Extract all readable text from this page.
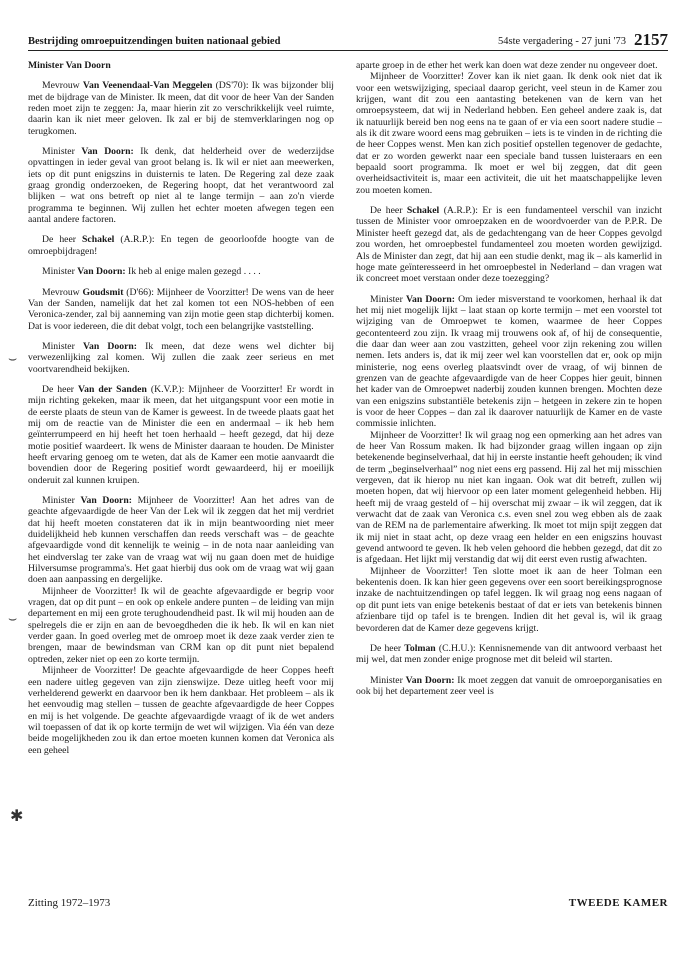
Bestrijding omroepuitzendingen buiten nationaal gebied	54ste vergadering - 27 juni '73 2157

Minister Van Doorn

Mevrouw Van Veenendaal-Van Meggelen (DS'70): Ik was bijzonder blij met de bijdrage van de Minister. Ik meen, dat dit voor de heer Van der Sanden reden moet zijn te zeggen: Ja, maar hierin zit zo verschrikkelijk veel ruimte, daarin kan ik niet meer geloven. Ik zal er bij de stemverklaringen nog op terugkomen.

Minister Van Doorn: Ik denk, dat helderheid over de wederzijdse opvattingen in ieder geval van groot belang is. Ik wil er niet aan meewerken, iets op dit punt enigszins in duisternis te laten. De Regering zal deze zaak graag grondig onderzoeken, de Regering hoopt, dat het verantwoord zal blijken – wat ons betreft op niet al te lange termijn – aan zo'n vierde programma te beginnen. Wij zullen het echter moeten afwegen tegen een aantal andere factoren.

De heer Schakel (A.R.P.): En tegen de geoorloofde hoogte van de omroepbijdragen!

Minister Van Doorn: Ik heb al enige malen gezegd . . . .

Mevrouw Goudsmit (D'66): Mijnheer de Voorzitter! De wens van de heer Van der Sanden, namelijk dat het zal komen tot een NOS-hebben of een Veronica-zender, zal bij aanneming van zijn motie geen stap dichterbij komen. Dat is voor iedereen, die dit debat volgt, toch een belangrijke vaststelling.

Minister Van Doorn: Ik meen, dat deze wens wel dichter bij verwezenlijking zal komen. Wij zullen die zaak zeer serieus en met voortvarendheid bekijken.

De heer Van der Sanden (K.V.P.): Mijnheer de Voorzitter! Er wordt in mijn richting gekeken, maar ik meen, dat het uitgangspunt voor een motie in de eerste plaats de steun van de Kamer is geweest. In de tweede plaats gaat het mij om de reactie van de Minister die een en andermaal – ik heb hem geïnterrumpeerd en hij heeft het toen herhaald – heeft gezegd, dat hij deze motie positief waardeert. Ik wens de Minister daaraan te houden. De Minister heeft ervaring genoeg om te weten, dat als de Kamer een motie aanvaardt die bovendien door de Regering positief wordt gewaardeerd, hij er moeilijk onderuit zal kunnen kruipen.

Minister Van Doorn: Mijnheer de Voorzitter! Aan het adres van de geachte afgevaardigde de heer Van der Lek wil ik zeggen dat het mij verdriet dat hij heeft moeten constateren dat ik in mijn beantwoording niet meer duidelijkheid heb kunnen verschaffen dan reeds verschaft was – de geachte afgevaardigde vond dit kennelijk te weinig – in de nota naar aanleiding van het eindverslag ter zake van de vraag wat wij nu gaan doen met de huidige Hilversumse programma's. Het gaat hierbij dus ook om de vraag wat wij gaan doen aan aanpassing en dergelijke.

Mijnheer de Voorzitter! Ik wil de geachte afgevaardigde er begrip voor vragen, dat op dit punt – en ook op enkele andere punten – de leiding van mijn departement en mij een grote terughoudendheid past. Ik wil mij houden aan de spelregels die er zijn en aan de bevoegdheden die ik heb. Ik wil en kan niet verder gaan. In goed overleg met de omroep moet ik deze zaak verder zien te brengen, maar de bewindsman van CRM kan op dit punt niet bepalend optreden, zeker niet op een zo korte termijn.

Mijnheer de Voorzitter! De geachte afgevaardigde de heer Coppes heeft een nadere uitleg gegeven van zijn zienswijze. Deze uitleg heeft voor mij verhelderend gewerkt en daarvoor ben ik hem dankbaar. Het probleem – als ik het eenvoudig mag stellen – tussen de geachte afgevaardigde de heer Coppes en mij is het volgende. De geachte afgevaardigde vraagt of ik de wet anders wil toepassen of dat ik op korte termijn de wet wil wijzigen. Via één van deze beide mogelijkheden zou ik dan ertoe moeten kunnen komen dat Veronica als een geheel

aparte groep in de ether het werk kan doen wat deze zender nu ongeveer doet.

Mijnheer de Voorzitter! Zover kan ik niet gaan. Ik denk ook niet dat ik voor een wetswijziging, speciaal daarop gericht, veel steun in de Kamer zou krijgen, want dit zou een aantasting betekenen van de kern van het omroepsysteem, dat wij in Nederland hebben. Een geheel andere zaak is, dat ik natuurlijk bereid ben nog eens na te gaan of er via een soort nadere studie – als ik dit zware woord eens mag gebruiken – iets is te vinden in de richting die de heer Coppes wenst. Men kan zich positief opstellen tegenover de gedachte, dat er zo worden gewerkt naar een speciale band tussen luisteraars en een bepaald soort programma. Ik moet er wel bij zeggen, dat dit geen overheidsactiviteit is, maar een activiteit, die uit het maatschappelijke leven zou moeten komen.

De heer Schakel (A.R.P.): Er is een fundamenteel verschil van inzicht tussen de Minister voor omroepzaken en de woordvoerder van de P.P.R. De Minister heeft gezegd dat, als de gedachtengang van de heer Coppes gevolgd zou worden, het omroepbestel fundamenteel zou moeten worden gewijzigd. Als de Minister dan zegt, dat hij aan een studie denkt, mag ik – als kamerlid in hoge mate geïnteresseerd in het omroepbestel in Nederland – dan vragen wat ik concreet moet verstaan onder deze toezegging?

Minister Van Doorn: Om ieder misverstand te voorkomen, herhaal ik dat het mij niet mogelijk lijkt – laat staan op korte termijn – met een voorstel tot wijziging van de Omroepwet te komen, waarmee de heer Coppes gecontenteerd zou zijn. Ik vraag mij trouwens ook af, of hij de consequentie, die daar dan weer aan zou vastzitten, geheel voor zijn rekening zou willen nemen. Iets anders is, dat ik mij zeer wel kan voorstellen dat er, ook op mijn ministerie, nog eens overleg plaatsvindt over de vraag, of wij binnen de grenzen van de geachte afgevaardigde van de heer Coppes hier geuit, binnen het kader van de Omroepwet naderbij zouden kunnen brengen. Mochten deze van een enigszins substantiële betekenis zijn – hetgeen in zekere zin te hopen is voor de heer Coppes – dan zal ik daarover natuurlijk de Kamer en de vaste commissie inlichten.

Mijnheer de Voorzitter! Ik wil graag nog een opmerking aan het adres van de heer Van Rossum maken. Ik had bijzonder graag willen ingaan op zijn betekenende beginselverhaal, dat hij in eerste instantie heeft gehouden; ik vind de term „beginselverhaal” nog niet eens erg passend. Hij zal het mij misschien vergeven, dat ik hierop nu niet kan ingaan. Ook wat dit betreft, zullen wij moeten hopen, dat wij hiervoor op een later moment gelegenheid hebben. Hij heeft mij de vraag gesteld of – hij overschat mij zwaar – ik wil zeggen, dat ik verwacht dat de zaak van Veronica c.s. even snel zou weg ebben als de zaak van de REM na de parlementaire afwerking. Ik moet tot mijn spijt zeggen dat ik mij niet in staat acht, op deze vraag een helder en een enigszins houvast gevend antwoord te geven. Ik heb velen gehoord die hebben gezegd, dat dit zo is afgedaan. Het lijkt mij verstandig dat wij dit eerst even rustig afwachten.

Mijnheer de Voorzitter! Ten slotte moet ik aan de heer Tolman een bekentenis doen. Ik kan hier geen gegevens over een soort bereikingsprognose inzake de nachtuitzendingen op tafel leggen. Ik wil graag nog eens nagaan of op dit punt iets van enige betekenis bestaat of dat er iets van betekenis binnen afzienbare tijd op tafel is te brengen. Indien dit het geval is, wil ik graag bevorderen dat de Kamer deze gegevens krijgt.

De heer Tolman (C.H.U.): Kennisnemende van dit antwoord verbaast het mij wel, dat men zonder enige prognose met dit beleid wil starten.

Minister Van Doorn: Ik moet zeggen dat vanuit de omroeporganisaties en ook bij het departement zeer veel is

⌣
⌣
✱
Zitting 1972–1973	TWEEDE KAMER
